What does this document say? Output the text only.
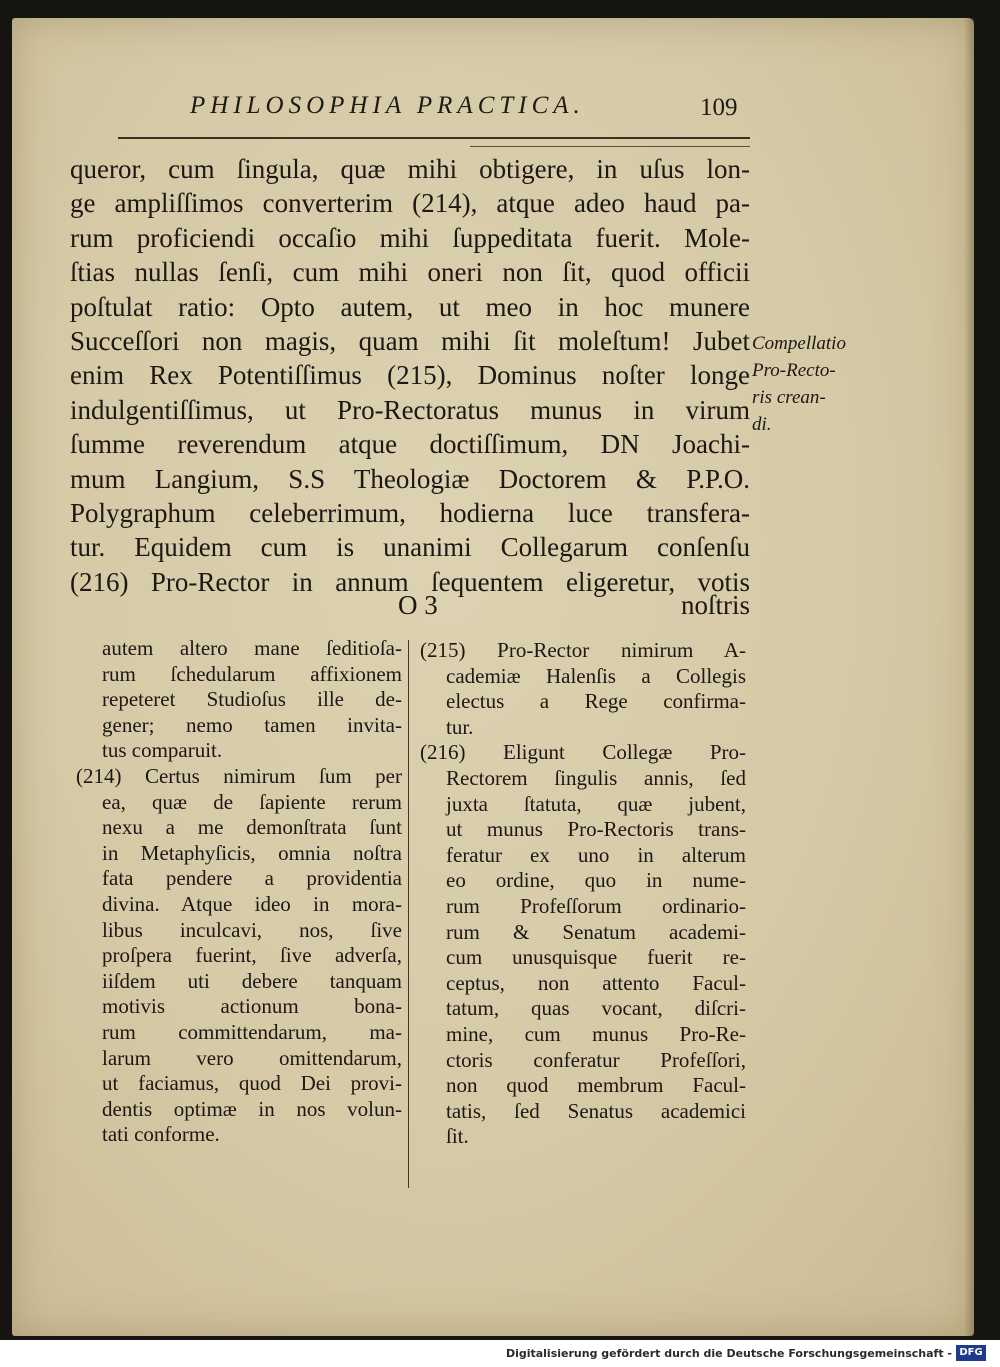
PHILOSOPHIA PRACTICA.	109
queror, cum ſingula, quæ mihi obtigere, in uſus lon-
ge ampliſſimos converterim (214), atque adeo haud pa-
rum proficiendi occaſio mihi ſuppeditata fuerit. Mole-
ſtias nullas ſenſi, cum mihi oneri non ſit, quod officii
poſtulat ratio: Opto autem, ut meo in hoc munere
Succeſſori non magis, quam mihi ſit moleſtum! Jubet
enim Rex Potentiſſimus (215), Dominus noſter longe
indulgentiſſimus, ut Pro-Rectoratus munus in virum
ſumme reverendum atque doctiſſimum, DN Joachi-
mum Langium, S.S Theologiæ Doctorem & P.P.O.
Polygraphum celeberrimum, hodierna luce transfera-
tur. Equidem cum is unanimi Collegarum conſenſu
(216) Pro-Rector in annum ſequentem eligeretur, votis
O 3	noſtris
Compellatio
Pro-Recto-
ris crean-
di.
autem altero mane ſeditioſa-
rum ſchedularum affixionem
repeteret Studioſus ille de-
gener; nemo tamen invita-
tus comparuit.
(214) Certus nimirum ſum per
ea, quæ de ſapiente rerum
nexu a me demonſtrata ſunt
in Metaphyſicis, omnia noſtra
fata pendere a providentia
divina. Atque ideo in mora-
libus inculcavi, nos, ſive
proſpera fuerint, ſive adverſa,
iiſdem uti debere tanquam
motivis actionum bona-
rum committendarum, ma-
larum vero omittendarum,
ut faciamus, quod Dei provi-
dentis optimæ in nos volun-
tati conforme.
(215) Pro-Rector nimirum A-
cademiæ Halenſis a Collegis
electus a Rege confirma-
tur.
(216) Eligunt Collegæ Pro-
Rectorem ſingulis annis, ſed
juxta ſtatuta, quæ jubent,
ut munus Pro-Rectoris trans-
feratur ex uno in alterum
eo ordine, quo in nume-
rum Profeſſorum ordinario-
rum & Senatum academi-
cum unusquisque fuerit re-
ceptus, non attento Facul-
tatum, quas vocant, diſcri-
mine, cum munus Pro-Re-
ctoris conferatur Profeſſori,
non quod membrum Facul-
tatis, ſed Senatus academici
ſit.
Digitalisierung gefördert durch die Deutsche Forschungsgemeinschaft - DFG
